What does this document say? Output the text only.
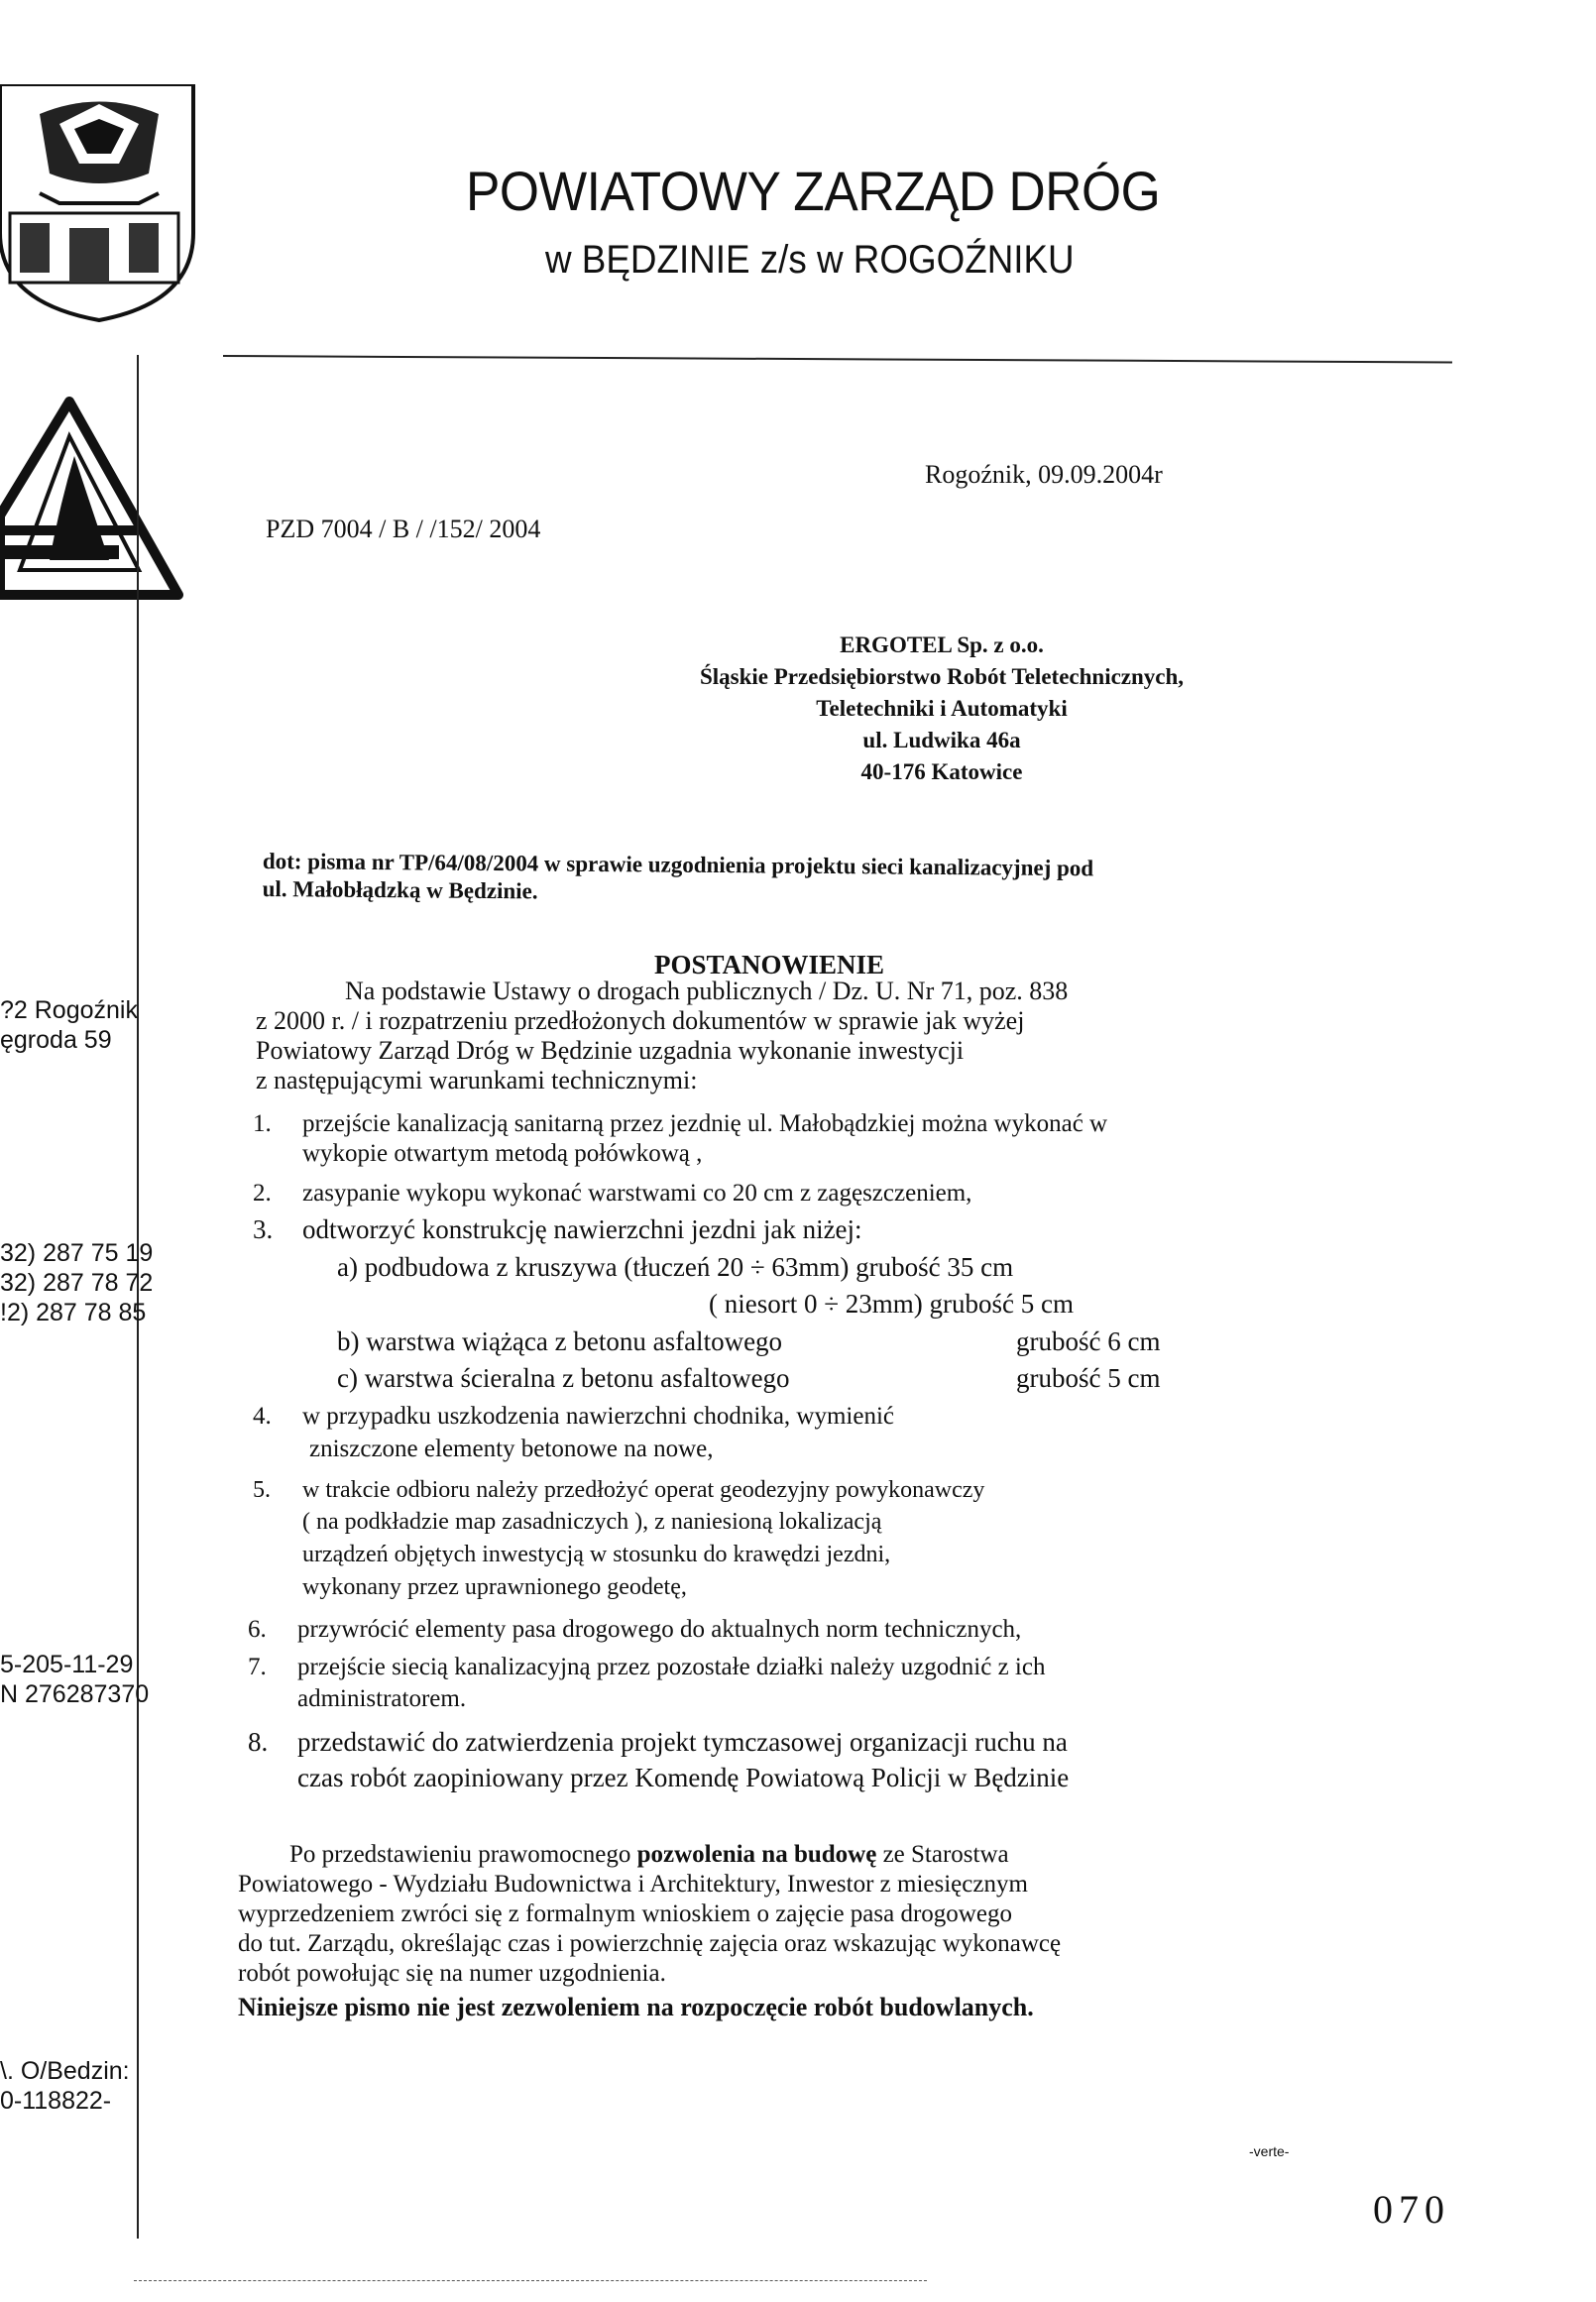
POWIATOWY ZARZĄD DRÓG
w BĘDZINIE z/s w ROGOŹNIKU
?2 Rogoźnik
ęgroda 59
32) 287 75 19
32) 287 78 72
!2) 287 78 85
5-205-11-29
N 276287370
\. O/Bedzin:
0-118822-
Rogoźnik, 09.09.2004r
PZD 7004 / B / /152/ 2004
ERGOTEL Sp. z o.o.
Śląskie Przedsiębiorstwo Robót Teletechnicznych,
Teletechniki i Automatyki
ul. Ludwika 46a
40-176 Katowice
dot: pisma nr TP/64/08/2004 w sprawie uzgodnienia projektu sieci kanalizacyjnej pod
ul. Małobłądzką w Będzinie.
POSTANOWIENIE
Na podstawie Ustawy o drogach publicznych / Dz. U. Nr 71, poz. 838
z 2000 r. / i rozpatrzeniu przedłożonych dokumentów w sprawie jak wyżej
Powiatowy Zarząd Dróg w Będzinie uzgadnia wykonanie inwestycji
z następującymi warunkami technicznymi:
1. przejście kanalizacją sanitarną przez jezdnię ul. Małobądzkiej można wykonać w
wykopie otwartym metodą połówkową ,
2. zasypanie wykopu wykonać warstwami co 20 cm z zagęszczeniem,
3. odtworzyć konstrukcję nawierzchni jezdni jak niżej:
a) podbudowa z kruszywa (tłuczeń 20 ÷ 63mm) grubość 35 cm
( niesort 0 ÷ 23mm) grubość 5 cm
b) warstwa wiążąca z betonu asfaltowego	grubość 6 cm
c) warstwa ścieralna z betonu asfaltowego	grubość 5 cm
4. w przypadku uszkodzenia nawierzchni chodnika, wymienić
zniszczone elementy betonowe na nowe,
5. w trakcie odbioru należy przedłożyć operat geodezyjny powykonawczy
( na podkładzie map zasadniczych ), z naniesioną lokalizacją
urządzeń objętych inwestycją w stosunku do krawędzi jezdni,
wykonany przez uprawnionego geodetę,
6. przywrócić elementy pasa drogowego do aktualnych norm technicznych,
7. przejście siecią kanalizacyjną przez pozostałe działki należy uzgodnić z ich
administratorem.
8. przedstawić do zatwierdzenia projekt tymczasowej organizacji ruchu na
czas robót zaopiniowany przez Komendę Powiatową Policji w Będzinie
Po przedstawieniu prawomocnego pozwolenia na budowę ze Starostwa
Powiatowego - Wydziału Budownictwa i Architektury, Inwestor z miesięcznym
wyprzedzeniem zwróci się z formalnym wnioskiem o zajęcie pasa drogowego
do tut. Zarządu, określając czas i powierzchnię zajęcia oraz wskazując wykonawcę
robót powołując się na numer uzgodnienia.
Niniejsze pismo nie jest zezwoleniem na rozpoczęcie robót budowlanych.
-verte-
070
